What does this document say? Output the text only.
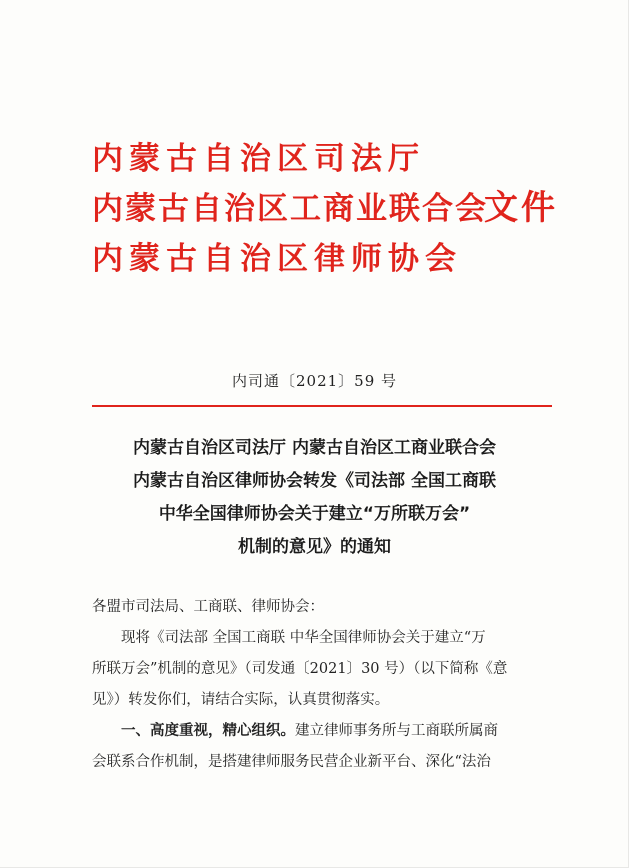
内蒙古自治区司法厅
内蒙古自治区工商业联合会
内蒙古自治区律师协会
文件
内司通〔2021〕59 号
内蒙古自治区司法厅 内蒙古自治区工商业联合会
内蒙古自治区律师协会转发《司法部 全国工商联
中华全国律师协会关于建立“万所联万会”
机制的意见》的通知

各盟市司法局、工商联、律师协会：

现将《司法部 全国工商联 中华全国律师协会关于建立“万

所联万会”机制的意见》（司发通〔2021〕30 号）（以下简称《意

见》）转发你们，请结合实际，认真贯彻落实。

一、高度重视，精心组织。建立律师事务所与工商联所属商

会联系合作机制，是搭建律师服务民营企业新平台、深化“法治
